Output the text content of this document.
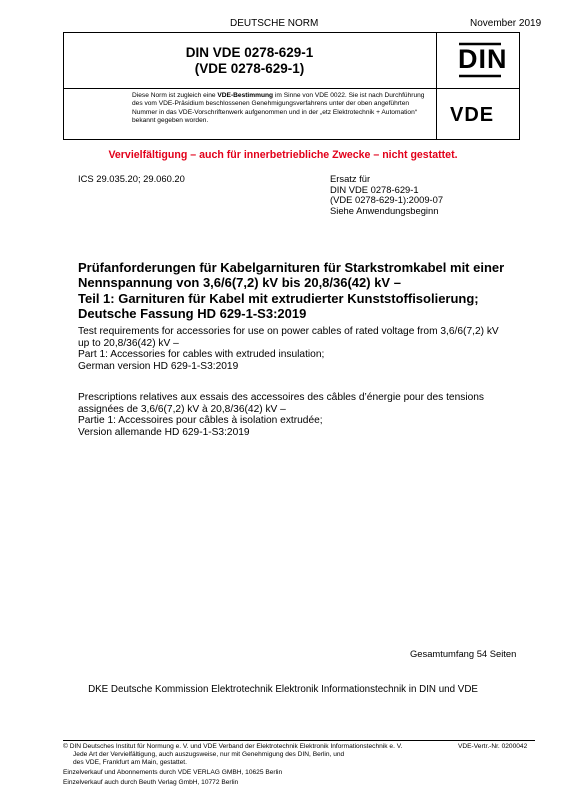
DEUTSCHE NORM	November 2019
DIN VDE 0278-629-1
(VDE 0278-629-1)	DIN
VDE
Diese Norm ist zugleich eine VDE-Bestimmung im Sinne von VDE 0022. Sie ist nach Durchführung des vom VDE-Präsidium beschlossenen Genehmigungsverfahrens unter der oben angeführten Nummer in das VDE-Vorschriftenwerk aufgenommen und in der „etz Elektrotechnik + Automation“ bekannt gegeben worden.
Vervielfältigung – auch für innerbetriebliche Zwecke – nicht gestattet.
ICS 29.035.20; 29.060.20	Ersatz für
DIN VDE 0278-629-1
(VDE 0278-629-1):2009-07
Siehe Anwendungsbeginn
Prüfanforderungen für Kabelgarnituren für Starkstromkabel mit einer
Nennspannung von 3,6/6(7,2) kV bis 20,8/36(42) kV –
Teil 1: Garnituren für Kabel mit extrudierter Kunststoffisolierung;
Deutsche Fassung HD 629-1-S3:2019
Test requirements for accessories for use on power cables of rated voltage from 3,6/6(7,2) kV
up to 20,8/36(42) kV –
Part 1: Accessories for cables with extruded insulation;
German version HD 629-1-S3:2019
Prescriptions relatives aux essais des accessoires des câbles d’énergie pour des tensions
assignées de 3,6/6(7,2) kV à 20,8/36(42) kV –
Partie 1: Accessoires pour câbles à isolation extrudée;
Version allemande HD 629-1-S3:2019
Gesamtumfang 54 Seiten
DKE Deutsche Kommission Elektrotechnik Elektronik Informationstechnik in DIN und VDE
© DIN Deutsches Institut für Normung e. V. und VDE Verband der Elektrotechnik Elektronik Informationstechnik e. V.
Jede Art der Vervielfältigung, auch auszugsweise, nur mit Genehmigung des DIN, Berlin, und
des VDE, Frankfurt am Main, gestattet.
VDE-Vertr.-Nr. 0200042
Einzelverkauf und Abonnements durch VDE VERLAG GMBH, 10625 Berlin
Einzelverkauf auch durch Beuth Verlag GmbH, 10772 Berlin
